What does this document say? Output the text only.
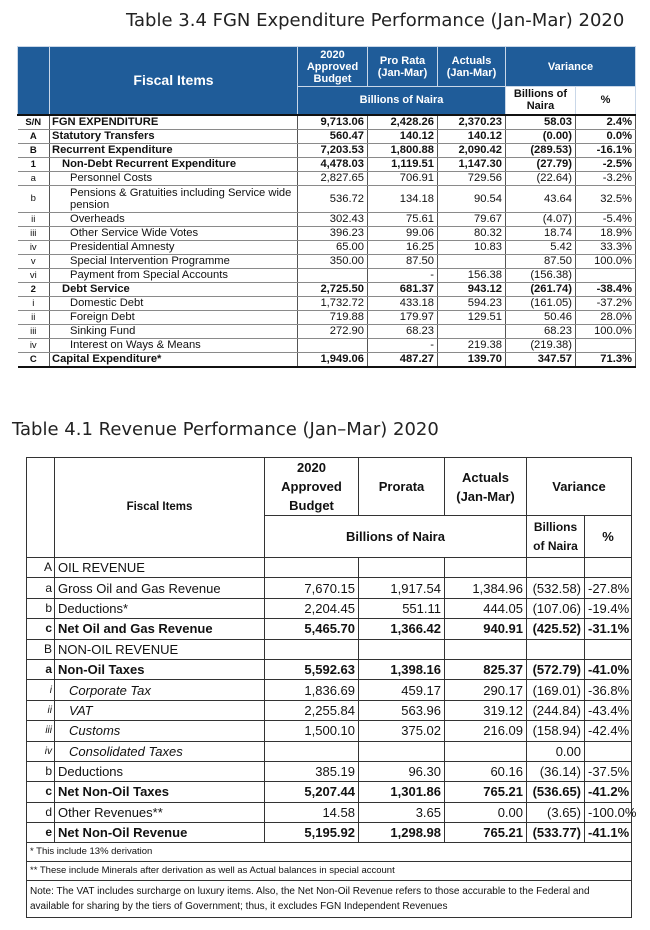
Table 3.4 FGN Expenditure Performance (Jan-Mar) 2020
	Fiscal Items	2020 Approved Budget	Pro Rata (Jan-Mar)	Actuals (Jan-Mar)	Variance	
		Billions of Naira			Billions of Naira	%
S/N	FGN EXPENDITURE	9,713.06	2,428.26	2,370.23	58.03	2.4%
A	Statutory Transfers	560.47	140.12	140.12	(0.00)	0.0%
B	Recurrent Expenditure	7,203.53	1,800.88	2,090.42	(289.53)	-16.1%
1	Non-Debt Recurrent Expenditure	4,478.03	1,119.51	1,147.30	(27.79)	-2.5%
a	Personnel Costs	2,827.65	706.91	729.56	(22.64)	-3.2%
b	Pensions & Gratuities including Service wide pension	536.72	134.18	90.54	43.64	32.5%
ii	Overheads	302.43	75.61	79.67	(4.07)	-5.4%
iii	Other Service Wide Votes	396.23	99.06	80.32	18.74	18.9%
iv	Presidential Amnesty	65.00	16.25	10.83	5.42	33.3%
v	Special Intervention Programme	350.00	87.50		87.50	100.0%
vi	Payment from Special Accounts		-	156.38	(156.38)	
2	Debt Service	2,725.50	681.37	943.12	(261.74)	-38.4%
i	Domestic Debt	1,732.72	433.18	594.23	(161.05)	-37.2%
ii	Foreign Debt	719.88	179.97	129.51	50.46	28.0%
iii	Sinking Fund	272.90	68.23		68.23	100.0%
iv	Interest on Ways & Means		-	219.38	(219.38)	
C	Capital Expenditure*	1,949.06	487.27	139.70	347.57	71.3%
Table 4.1 Revenue Performance (Jan–Mar) 2020
	Fiscal Items	2020 Approved Budget	Prorata	Actuals (Jan-Mar)	Variance	
		Billions of Naira			Billions of Naira	%
A	OIL REVENUE					
a	Gross Oil and Gas Revenue	7,670.15	1,917.54	1,384.96	(532.58)	-27.8%
b	Deductions*	2,204.45	551.11	444.05	(107.06)	-19.4%
c	Net Oil and Gas Revenue	5,465.70	1,366.42	940.91	(425.52)	-31.1%
B	NON-OIL REVENUE					
a	Non-Oil Taxes	5,592.63	1,398.16	825.37	(572.79)	-41.0%
i	Corporate Tax	1,836.69	459.17	290.17	(169.01)	-36.8%
ii	VAT	2,255.84	563.96	319.12	(244.84)	-43.4%
iii	Customs	1,500.10	375.02	216.09	(158.94)	-42.4%
iv	Consolidated Taxes				0.00	
b	Deductions	385.19	96.30	60.16	(36.14)	-37.5%
c	Net Non-Oil Taxes	5,207.44	1,301.86	765.21	(536.65)	-41.2%
d	Other Revenues**	14.58	3.65	0.00	(3.65)	-100.0%
e	Net Non-Oil Revenue	5,195.92	1,298.98	765.21	(533.77)	-41.1%
* This include 13% derivation						
** These include Minerals after derivation as well as Actual balances in special account						
Note: The VAT includes surcharge on luxury items. Also, the Net Non-Oil Revenue refers to those accurable to the Federal and available for sharing by the tiers of Government; thus, it excludes FGN Independent Revenues						
